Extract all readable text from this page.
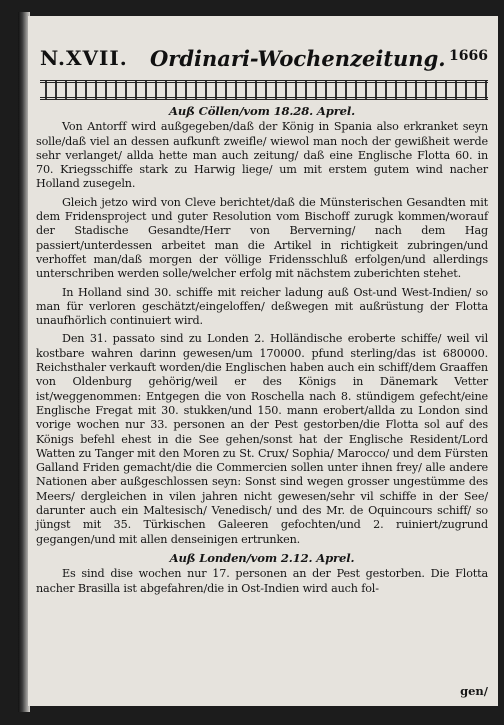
N.XVII. Ordinari-Wochenzeitung. 1666
Auß Cöllen/vom 18.28. Aprel.

Von Antorff wird außgegeben/daß der König in Spania also erkranket seyn solle/daß viel an dessen aufkunft zweifle/ wiewol man noch der gewißheit werde sehr verlanget/ allda hette man auch zeitung/ daß eine Englische Flotta 60. in 70. Kriegsschiffe stark zu Harwig liege/ um mit erstem gutem wind nacher Holland zusegeln.

Gleich jetzo wird von Cleve berichtet/daß die Münsterischen Gesandten mit dem Fridensproject und guter Resolution vom Bischoff zurugk kommen/worauf der Stadische Gesandte/Herr von Berverning/ nach dem Hag passiert/unterdessen arbeitet man die Artikel in richtigkeit zubringen/und verhoffet man/daß morgen der völlige Fridensschluß erfolgen/und allerdings unterschriben werden solle/welcher erfolg mit nächstem zuberichten stehet.

In Holland sind 30. schiffe mit reicher ladung auß Ost-und West-Indien/ so man für verloren geschätzt/eingeloffen/ deßwegen mit außrüstung der Flotta unaufhörlich continuiert wird.

Den 31. passato sind zu Londen 2. Holländische eroberte schiffe/ weil vil kostbare wahren darinn gewesen/um 170000. pfund sterling/das ist 680000. Reichsthaler verkauft worden/die Englischen haben auch ein schiff/dem Graaffen von Oldenburg gehörig/weil er des Königs in Dänemark Vetter ist/weggenommen: Entgegen die von Roschella nach 8. stündigem gefecht/eine Englische Fregat mit 30. stukken/und 150. mann erobert/allda zu London sind vorige wochen nur 33. personen an der Pest gestorben/die Flotta sol auf des Königs befehl ehest in die See gehen/sonst hat der Englische Resident/Lord Watten zu Tanger mit den Moren zu St. Crux/ Sophia/ Marocco/ und dem Fürsten Galland Friden gemacht/die die Commercien sollen unter ihnen frey/ alle andere Nationen aber außgeschlossen seyn: Sonst sind wegen grosser ungestümme des Meers/ dergleichen in vilen jahren nicht gewesen/sehr vil schiffe in der See/ darunter auch ein Maltesisch/ Venedisch/ und des Mr. de Oquincours schiff/ so jüngst mit 35. Türkischen Galeeren gefochten/und 2. ruiniert/zugrund gegangen/und mit allen denseinigen ertrunken.

Auß Londen/vom 2.12. Aprel.

Es sind dise wochen nur 17. personen an der Pest gestorben. Die Flotta nacher Brasilla ist abgefahren/die in Ost-Indien wird auch fol-

gen/
